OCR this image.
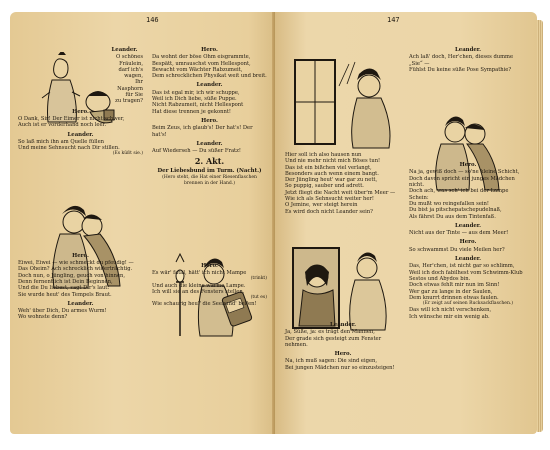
146

Leander.

O schönes

Fräulein,

darf ich's

wagen,

Ihr

Nasphorn

für Sie

zu tragen?

Hero.

O Dank, Sir! Der Eimer ist nicht schwer,

Auch ist er vorderhand noch leer.

Leander.

So laß mich ihn am Quelle füllen

Und meine Sehnsucht nach Dir stillen.

(Es küßt sie.)

Hero.

Eiwei, Eiwei — wie schmeckt du pfeudig! —

Das Oheim? Ach schrecklich widerträchtig.

Doch nun, o Jüngling, geuch von hinnen,

Denn fernentlich ist Dein Beginnen,

Und die Du liebest, sagt Dir's laut:

Sie wurde heut' des Tempels Braut.

Leander.

Weh' über Dich, Du armes Wurm!

Wo wohnste denn?

Hero.

Da wohnt der böse Ohm eisgrammte,

Bespätt, umrauschst vom Hellespont,

Bewacht vom Wächter Rabzumeit,

Dem schrecklichen Physikat weit und breit.

Leander.

Das ist egal mir, ich wir schuppe,

Weil ich Dich liebe, süße Puppe.

Nicht Rabzumeit, nicht Hellespont

Hat diese trennen je gekonnt!

Hero.

Beim Zeus, ich glaub's! Der hat's! Der hat's!

Leander.

Auf Wiederseh — Du süßer Fratz!

2. Akt.

Der Liebesbund im Turm. (Nacht.)

(Hero steht, die Hat einer Riesenflaschen brennen in der Hand.)

Hero.

Es wär' fatal, hätt' ich nicht Mampe

(trinkt)

Und auch die kleine warme Lampe.

Ich will sie an des Fensters stellen.

(tut es)

Wie schaurig heul' die Seehund' bellen!

147

Hier soll ich also hausen nun

Und nie mehr nicht mich Böses tun!

Das ist ein bißchen viel verlangt,

Besonders auch wenn einem bangt.

Der Jüngling heut' war gar zu nett,

So puppig, sauber und adrett.

Jetzt fliegt die Nacht weit über'm Meer —

Wie ich als Sehnsucht weiter her!

O Jemine, wer steigt herein

Es wird doch nicht Leander sein?

Leander.

Ja, Süße, ja: es trägt den Mannen,

Der grade sich gesteigt zum Fenster nehmen.

Hero.

Na, ich muß sagen: Die sind eigen,

Bei jungen Mädchen nur so einzusteigen!

Leander.

Ach laß' doch, Her'chen, dieses dumme „Sie“ —

Fühlst Du keine süße Pose Sympathie?

Hero.

Na ja, gewiß doch — so'ne kleine Schicht,

Doch davon spricht ein junges Mädchen nicht.

Doch ach, was seh' ich bei der Lampe Schein:

Du mußt wo reingefallen sein!

Du bist ja pitschepatschepudelnaß,

Als fährst Du aus dem Tintenfaß.

Leander.

Nicht aus der Tinte — aus dem Meer!

Hero.

So schwammst Du viele Meilen her?

Leander.

Das, Her'chen, ist nicht gar so schlimm,

Weil ich doch fabilhest vom Schwimm-Klub Sestos und Abydos bin.

Doch etwas fehlt mir nun im Sinn!

Wer gar zu lange in der Saulen,

Dem knurrt drinnen etwas faulen.

(Er zeigt auf seinen Rucksackflaschen.)

Das will ich nicht verschenken,

Ich wünsche mir ein wenig ab.
